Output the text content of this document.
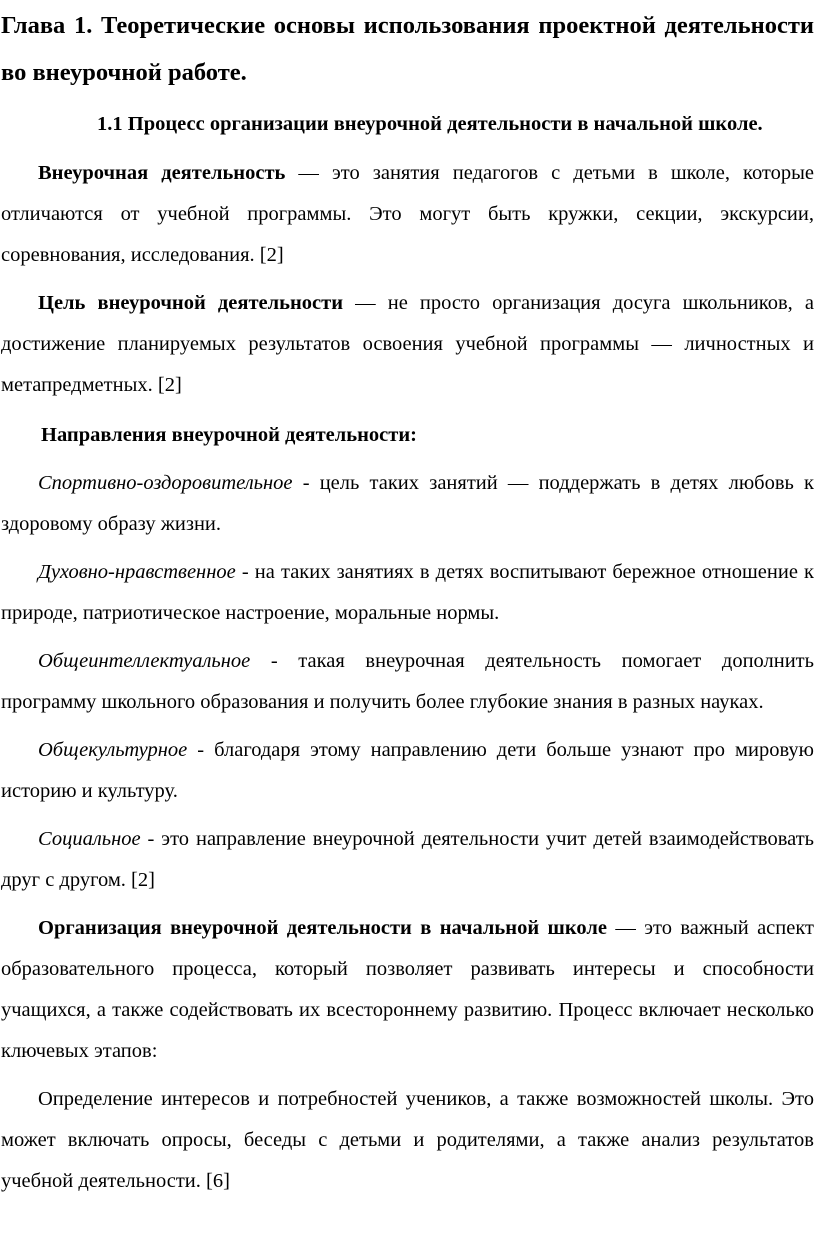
Глава 1. Теоретические основы использования проектной деятельности во внеурочной работе.
1.1 Процесс организации внеурочной деятельности в начальной школе.

Внеурочная деятельность — это занятия педагогов с детьми в школе, которые отличаются от учебной программы. Это могут быть кружки, секции, экскурсии, соревнования, исследования. [2]

Цель внеурочной деятельности — не просто организация досуга школьников, а достижение планируемых результатов освоения учебной программы — личностных и метапредметных. [2]

Направления внеурочной деятельности:

Спортивно-оздоровительное - цель таких занятий — поддержать в детях любовь к здоровому образу жизни.

Духовно-нравственное - на таких занятиях в детях воспитывают бережное отношение к природе, патриотическое настроение, моральные нормы.

Общеинтеллектуальное - такая внеурочная деятельность помогает дополнить программу школьного образования и получить более глубокие знания в разных науках.

Общекультурное - благодаря этому направлению дети больше узнают про мировую историю и культуру.

Социальное - это направление внеурочной деятельности учит детей взаимодействовать друг с другом. [2]

Организация внеурочной деятельности в начальной школе — это важный аспект образовательного процесса, который позволяет развивать интересы и способности учащихся, а также содействовать их всестороннему развитию. Процесс включает несколько ключевых этапов:

Определение интересов и потребностей учеников, а также возможностей школы. Это может включать опросы, беседы с детьми и родителями, а также анализ результатов учебной деятельности. [6]
